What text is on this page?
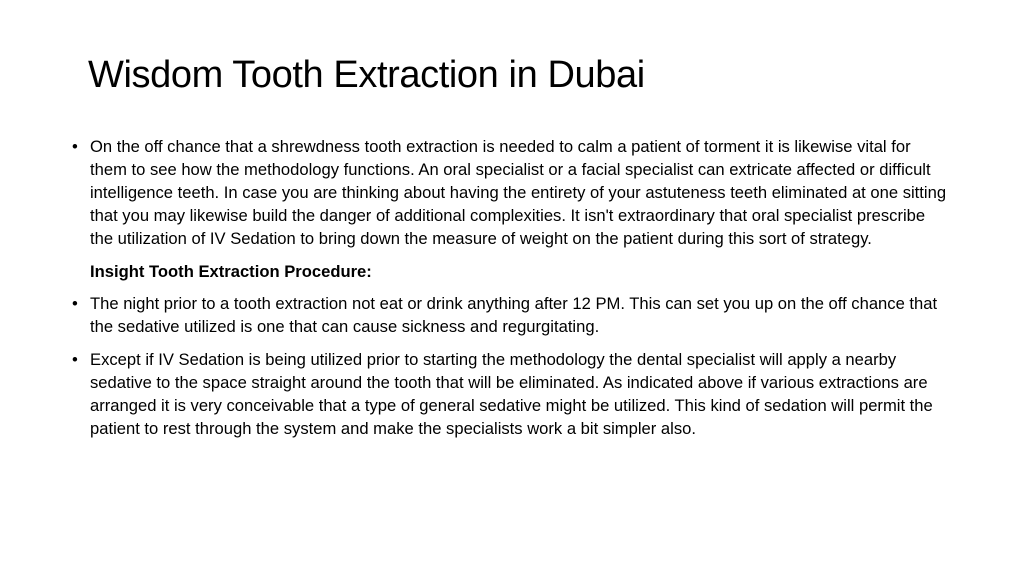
Wisdom Tooth Extraction in Dubai

• On the off chance that a shrewdness tooth extraction is needed to calm a patient of torment it is likewise vital for them to see how the methodology functions. An oral specialist or a facial specialist can extricate affected or difficult intelligence teeth. In case you are thinking about having the entirety of your astuteness teeth eliminated at one sitting that you may likewise build the danger of additional complexities. It isn't extraordinary that oral specialist prescribe the utilization of IV Sedation to bring down the measure of weight on the patient during this sort of strategy.

Insight Tooth Extraction Procedure:

• The night prior to a tooth extraction not eat or drink anything after 12 PM. This can set you up on the off chance that the sedative utilized is one that can cause sickness and regurgitating.

• Except if IV Sedation is being utilized prior to starting the methodology the dental specialist will apply a nearby sedative to the space straight around the tooth that will be eliminated. As indicated above if various extractions are arranged it is very conceivable that a type of general sedative might be utilized. This kind of sedation will permit the patient to rest through the system and make the specialists work a bit simpler also.
